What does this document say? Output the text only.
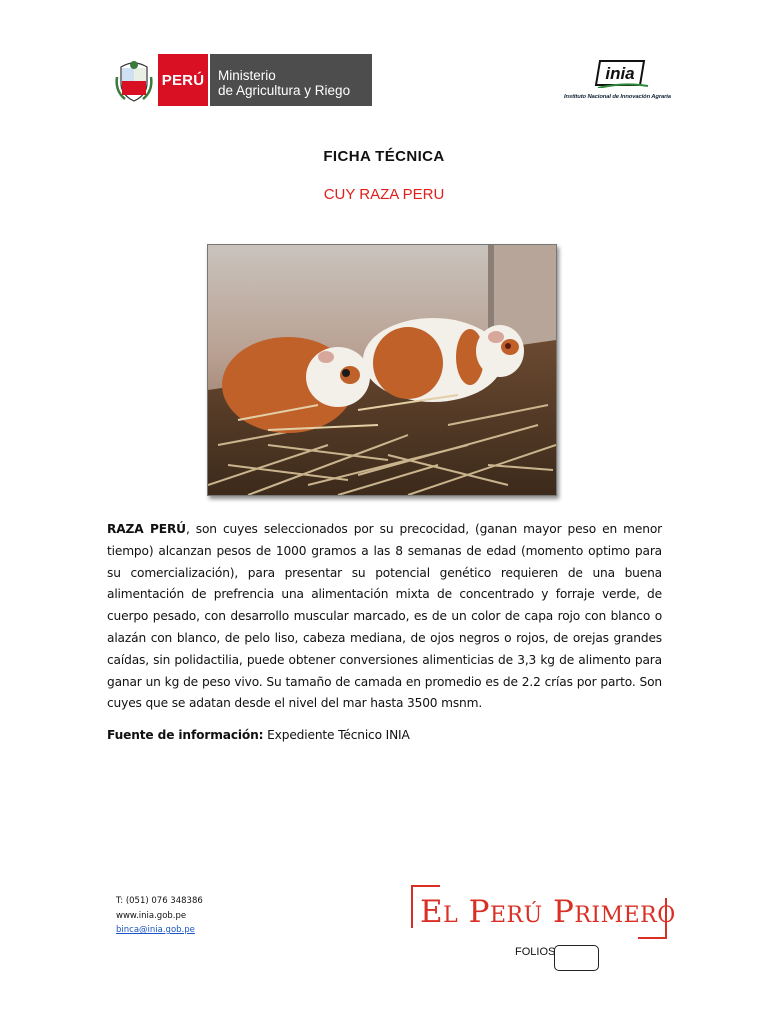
PERÚ Ministerio
de Agricultura y Riego
inia
Instituto Nacional de Innovación Agraria
FICHA TÉCNICA
CUY RAZA PERU
RAZA PERÚ, son cuyes seleccionados por su precocidad, (ganan mayor peso en menor tiempo) alcanzan pesos de 1000 gramos a las 8 semanas de edad (momento optimo para su comercialización), para presentar su potencial genético requieren de una buena alimentación de prefrencia una alimentación mixta de concentrado y forraje verde, de cuerpo pesado, con desarrollo muscular marcado, es de un color de capa rojo con blanco o alazán con blanco, de pelo liso, cabeza mediana, de ojos negros o rojos, de orejas grandes caídas, sin polidactilia, puede obtener conversiones alimenticias de 3,3 kg de alimento para ganar un kg de peso vivo. Su tamaño de camada en promedio es de 2.2 crías por parto. Son cuyes que se adatan desde el nivel del mar hasta 3500 msnm.
Fuente de información: Expediente Técnico INIA
T: (051) 076 348386
www.inia.gob.pe
binca@inia.gob.pe	El Perú Primero
FOLIOS
